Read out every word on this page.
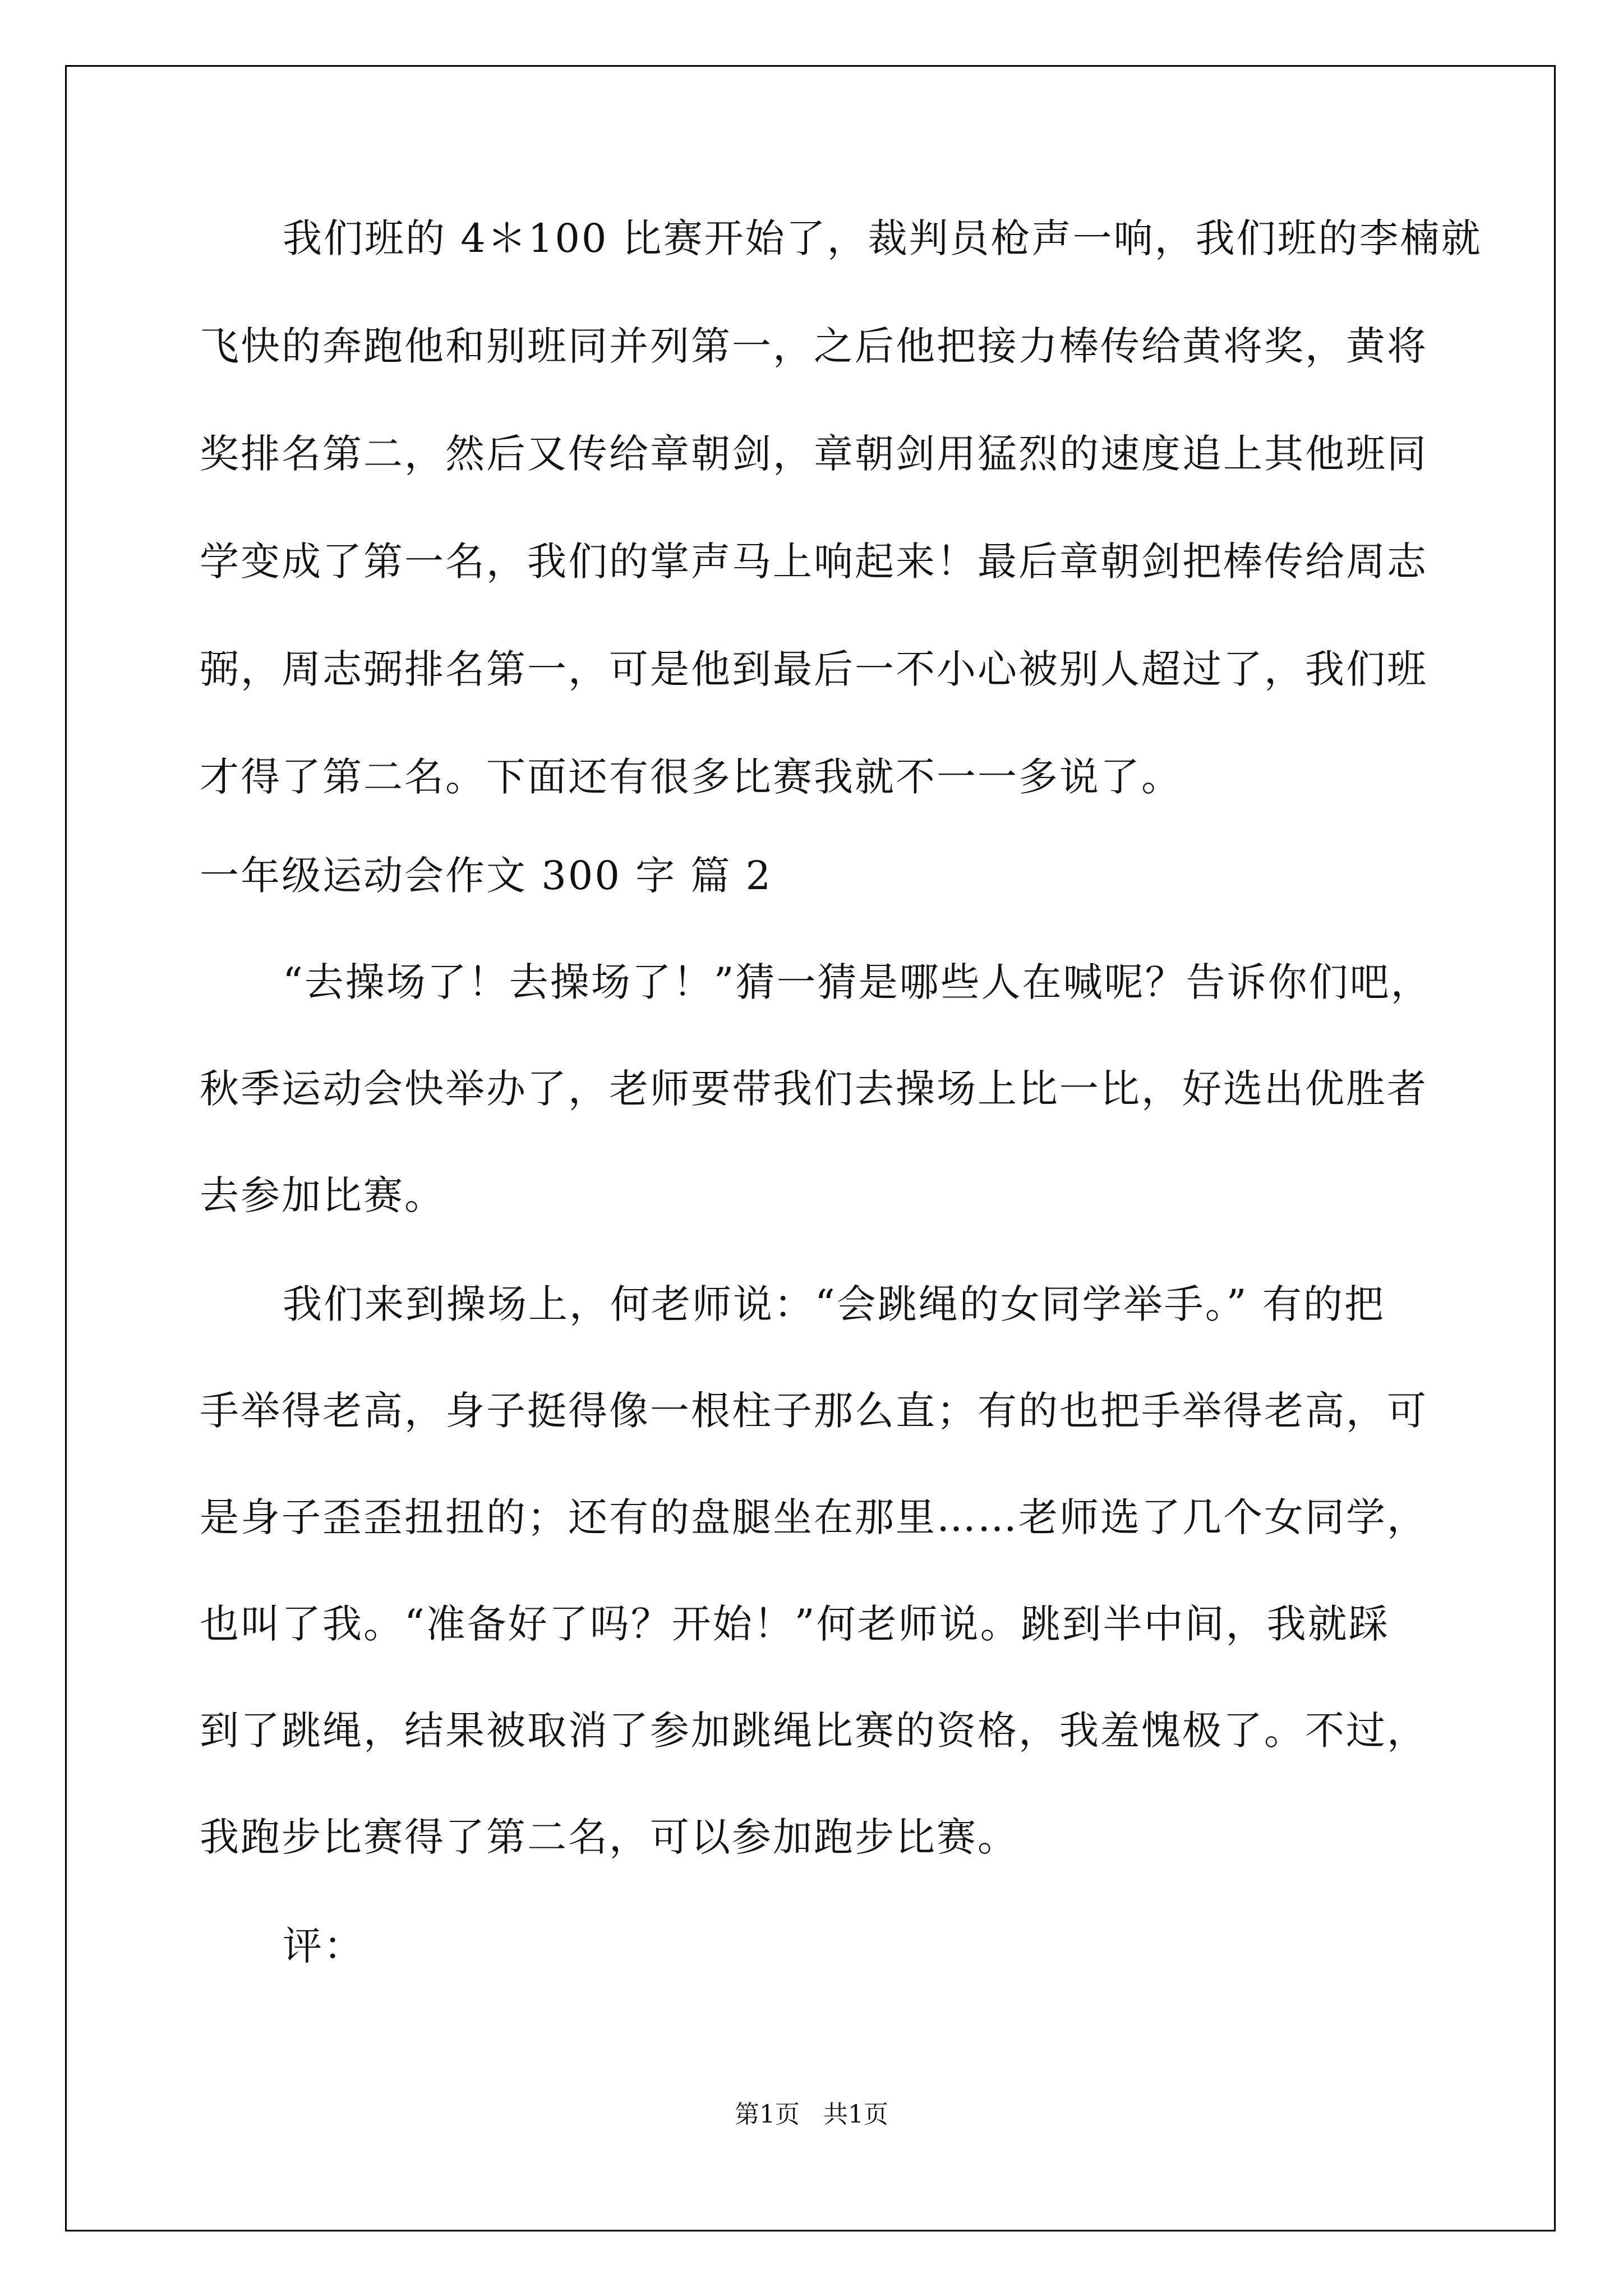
我们班的 4＊100 比赛开始了，裁判员枪声一响，我们班的李楠就
飞快的奔跑他和别班同并列第一，之后他把接力棒传给黄将奖，黄将
奖排名第二，然后又传给章朝剑，章朝剑用猛烈的速度追上其他班同
学变成了第一名，我们的掌声马上响起来！最后章朝剑把棒传给周志
弼，周志弼排名第一，可是他到最后一不小心被别人超过了，我们班
才得了第二名。下面还有很多比赛我就不一一多说了。
一年级运动会作文 300 字 篇 2
“去操场了！去操场了！”猜一猜是哪些人在喊呢？告诉你们吧，
秋季运动会快举办了，老师要带我们去操场上比一比，好选出优胜者
去参加比赛。
我们来到操场上，何老师说：“会跳绳的女同学举手。” 有的把
手举得老高，身子挺得像一根柱子那么直；有的也把手举得老高，可
是身子歪歪扭扭的；还有的盘腿坐在那里……老师选了几个女同学，
也叫了我。“准备好了吗？开始！”何老师说。跳到半中间，我就踩
到了跳绳，结果被取消了参加跳绳比赛的资格，我羞愧极了。不过，
我跑步比赛得了第二名，可以参加跑步比赛。
评：
第1页   共1页
